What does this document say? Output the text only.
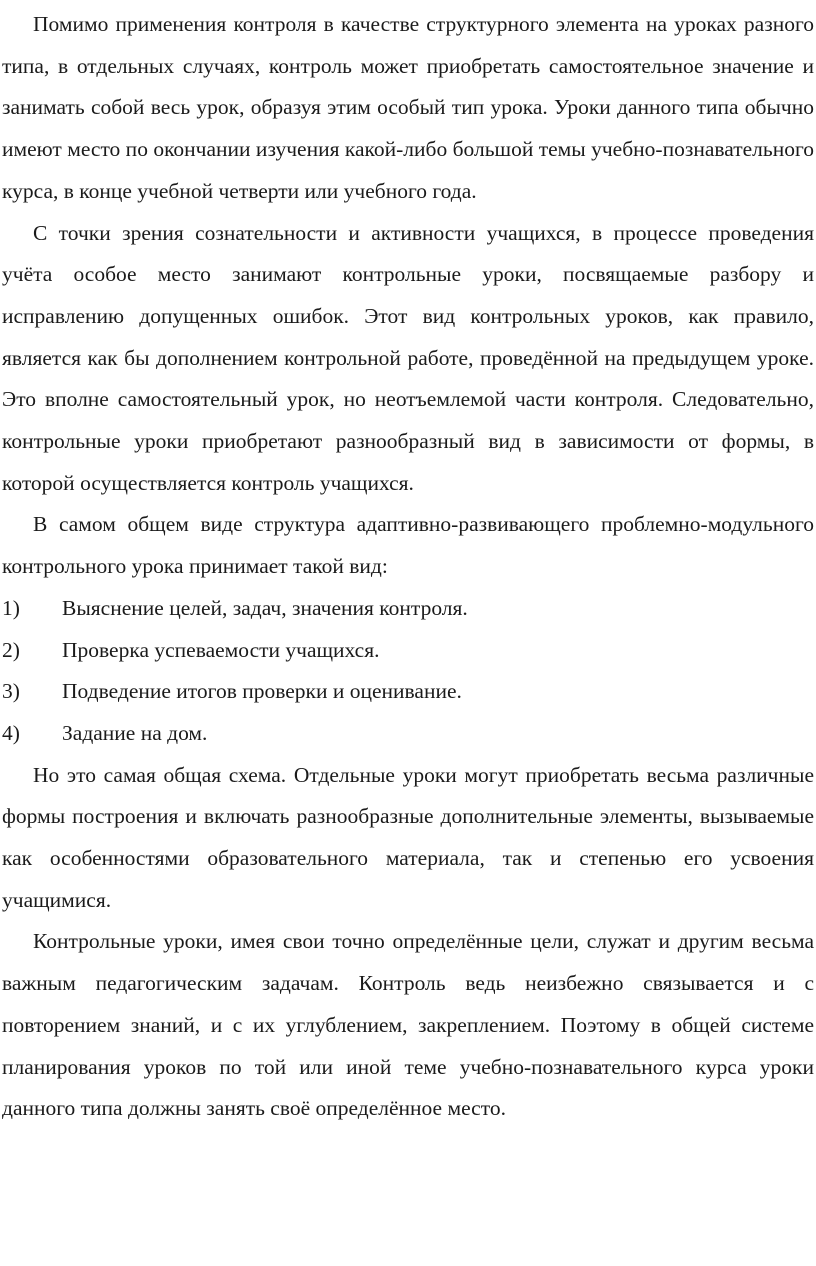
Помимо применения контроля в качестве структурного элемента на уроках разного типа, в отдельных случаях, контроль может приобретать самостоятельное значение и занимать собой весь урок, образуя этим особый тип урока. Уроки данного типа обычно имеют место по окончании изучения какой-либо большой темы учебно-познавательного курса, в конце учебной четверти или учебного года.

С точки зрения сознательности и активности учащихся, в процессе проведения учёта особое место занимают контрольные уроки, посвящаемые разбору и исправлению допущенных ошибок. Этот вид контрольных уроков, как правило, является как бы дополнением контрольной работе, проведённой на предыдущем уроке. Это вполне самостоятельный урок, но неотъемлемой части контроля. Следовательно, контрольные уроки приобретают разнообразный вид в зависимости от формы, в которой осуществляется контроль учащихся.

В самом общем виде структура адаптивно-развивающего проблемно-модульного контрольного урока принимает такой вид:

1)	Выяснение целей, задач, значения контроля.
2)	Проверка успеваемости учащихся.
3)	Подведение итогов проверки и оценивание.
4)	Задание на дом.

Но это самая общая схема. Отдельные уроки могут приобретать весьма различные формы построения и включать разнообразные дополнительные элементы, вызываемые как особенностями образовательного материала, так и степенью его усвоения учащимися.

Контрольные уроки, имея свои точно определённые цели, служат и другим весьма важным педагогическим задачам. Контроль ведь неизбежно связывается и с повторением знаний, и с их углублением, закреплением. Поэтому в общей системе планирования уроков по той или иной теме учебно-познавательного курса уроки данного типа должны занять своё определённое место.
